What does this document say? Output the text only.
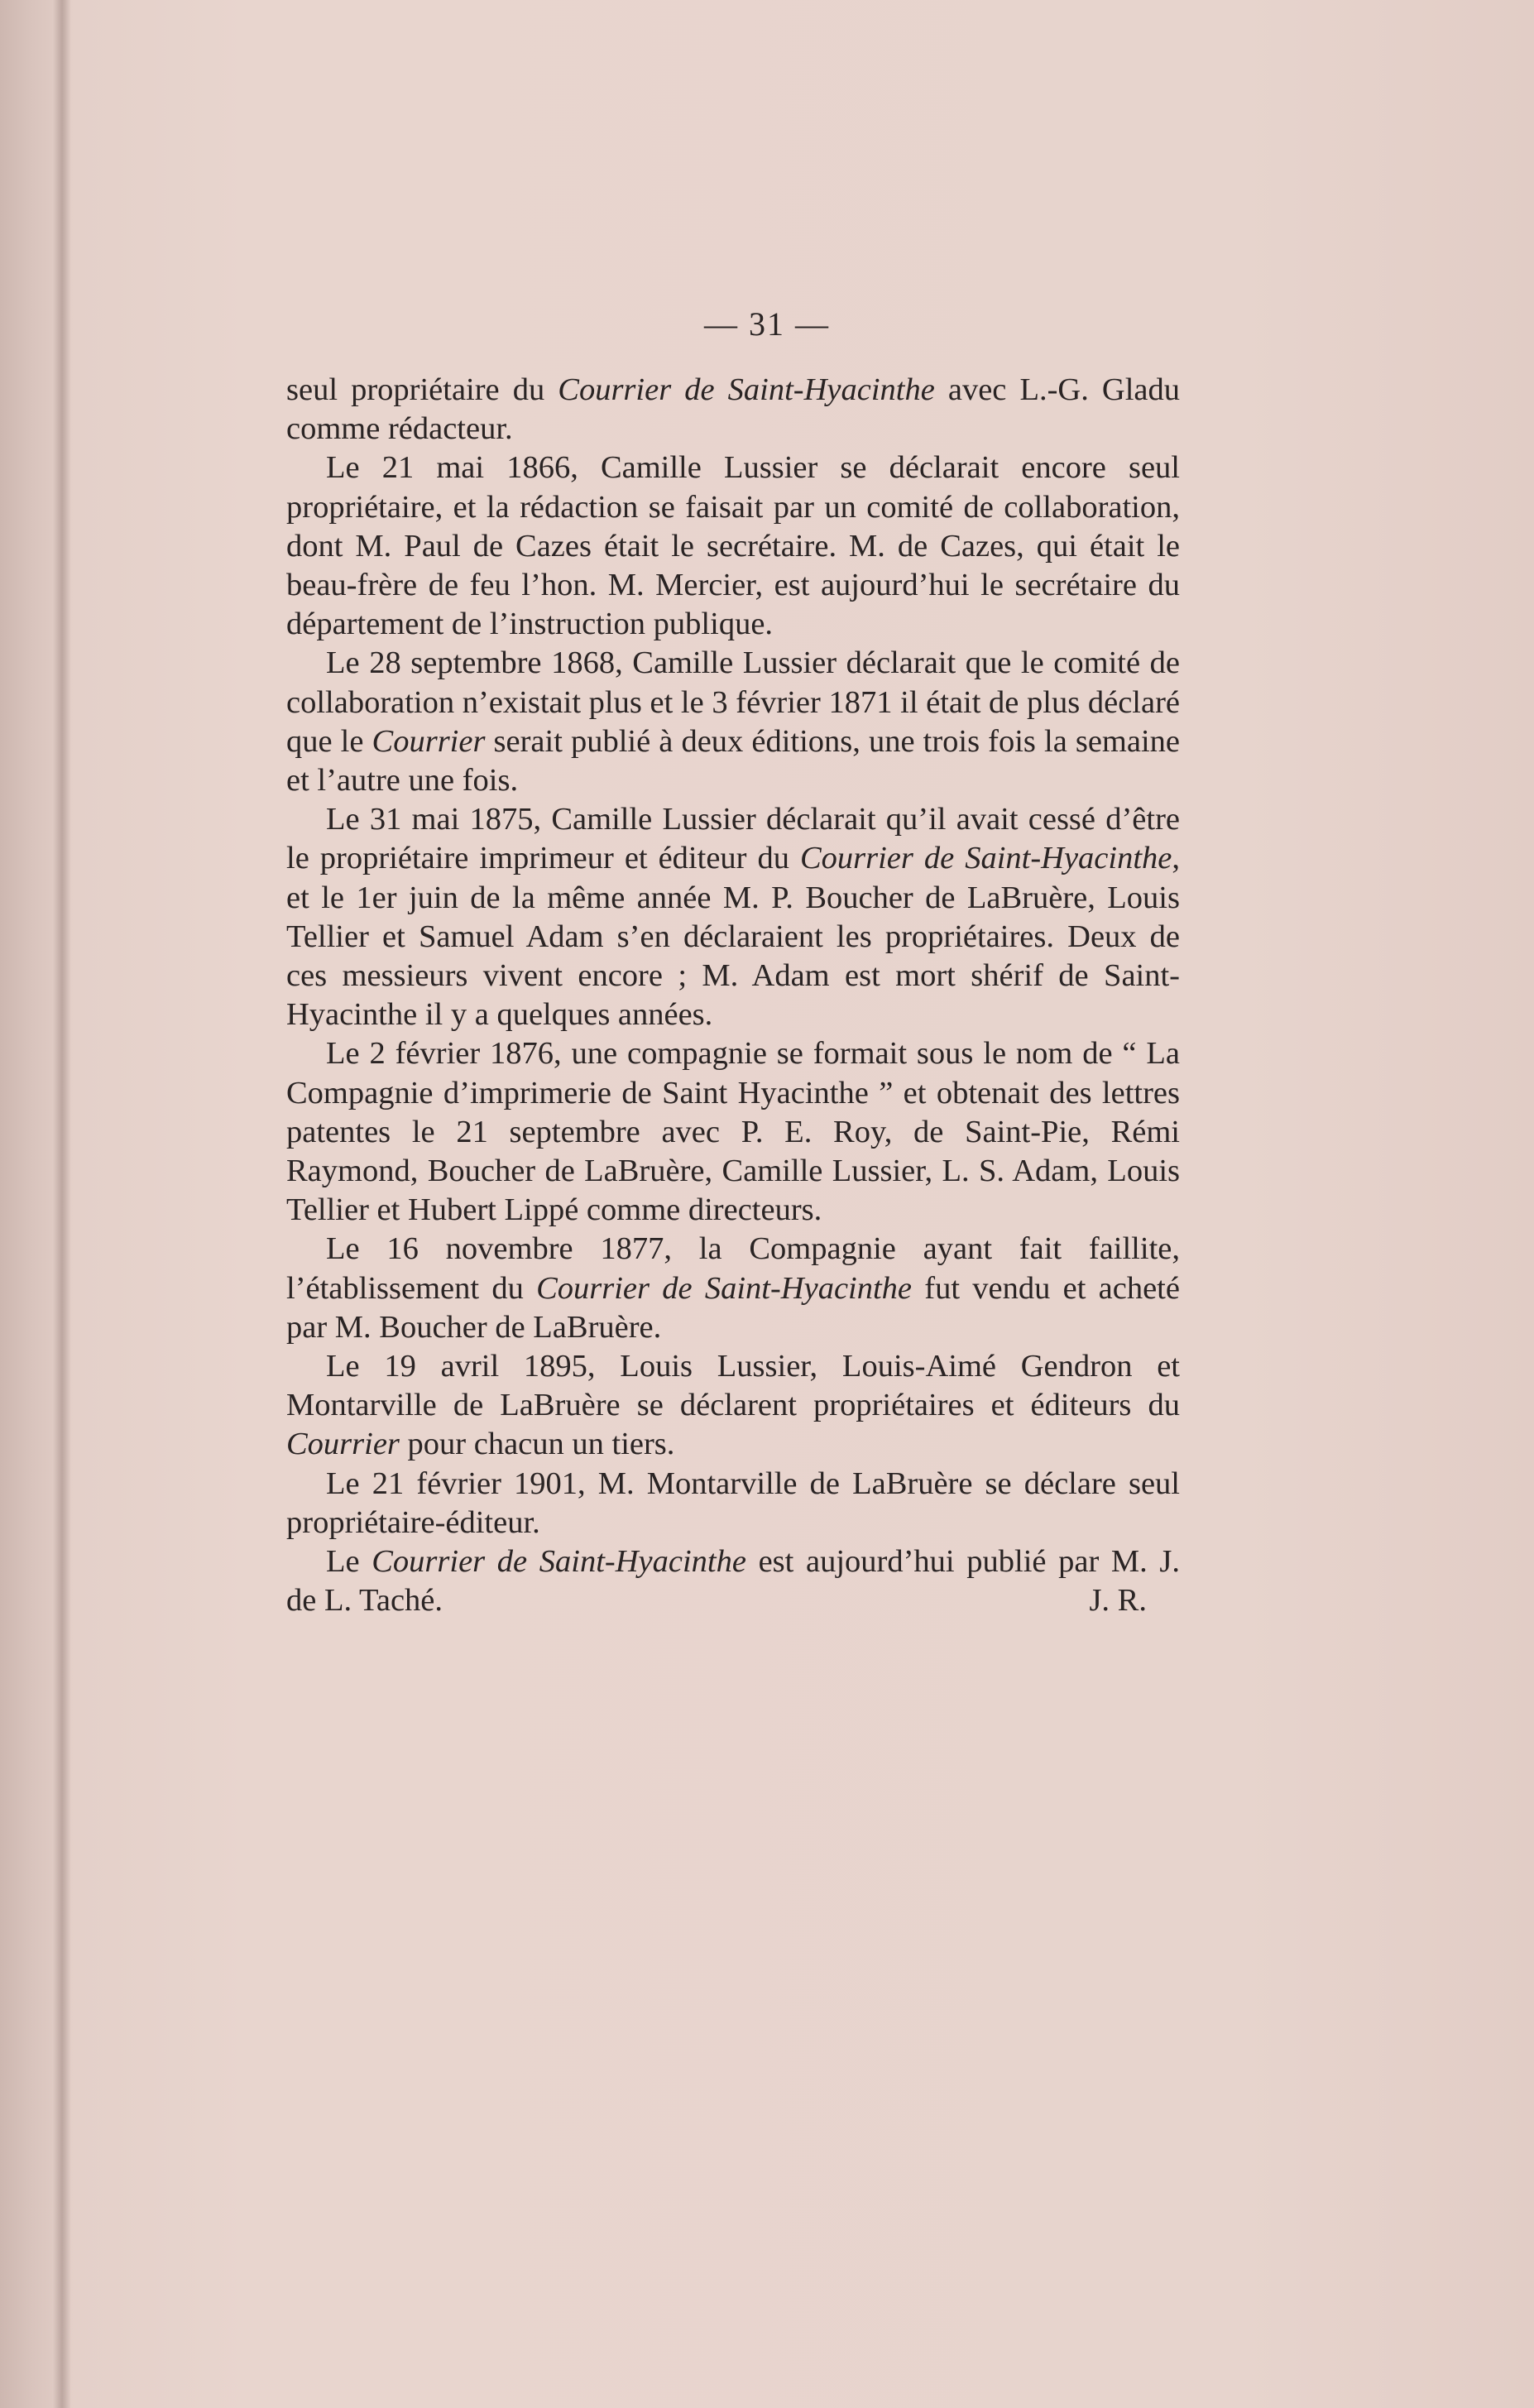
— 31 —

seul propriétaire du Courrier de Saint-Hyacinthe avec L.-G. Gladu comme rédacteur.

Le 21 mai 1866, Camille Lussier se déclarait encore seul propriétaire, et la rédaction se faisait par un comité de collaboration, dont M. Paul de Cazes était le secrétaire. M. de Cazes, qui était le beau-frère de feu l’hon. M. Mercier, est aujourd’hui le secrétaire du département de l’instruction publique.

Le 28 septembre 1868, Camille Lussier déclarait que le comité de collaboration n’existait plus et le 3 février 1871 il était de plus déclaré que le Courrier serait publié à deux éditions, une trois fois la semaine et l’autre une fois.

Le 31 mai 1875, Camille Lussier déclarait qu’il avait cessé d’être le propriétaire imprimeur et éditeur du Courrier de Saint-Hyacinthe, et le 1er juin de la même année M. P. Boucher de LaBruère, Louis Tellier et Samuel Adam s’en déclaraient les propriétaires. Deux de ces messieurs vivent encore ; M. Adam est mort shérif de Saint-Hyacinthe il y a quelques années.

Le 2 février 1876, une compagnie se formait sous le nom de “ La Compagnie d’imprimerie de Saint Hyacinthe ” et obtenait des lettres patentes le 21 septembre avec P. E. Roy, de Saint-Pie, Rémi Raymond, Boucher de LaBruère, Camille Lussier, L. S. Adam, Louis Tellier et Hubert Lippé comme directeurs.

Le 16 novembre 1877, la Compagnie ayant fait faillite, l’établissement du Courrier de Saint-Hyacinthe fut vendu et acheté par M. Boucher de LaBruère.

Le 19 avril 1895, Louis Lussier, Louis-Aimé Gendron et Montarville de LaBruère se déclarent propriétaires et éditeurs du Courrier pour chacun un tiers.

Le 21 février 1901, M. Montarville de LaBruère se déclare seul propriétaire-éditeur.

Le Courrier de Saint-Hyacinthe est aujourd’hui publié par M. J. de L. Taché.	J. R.
